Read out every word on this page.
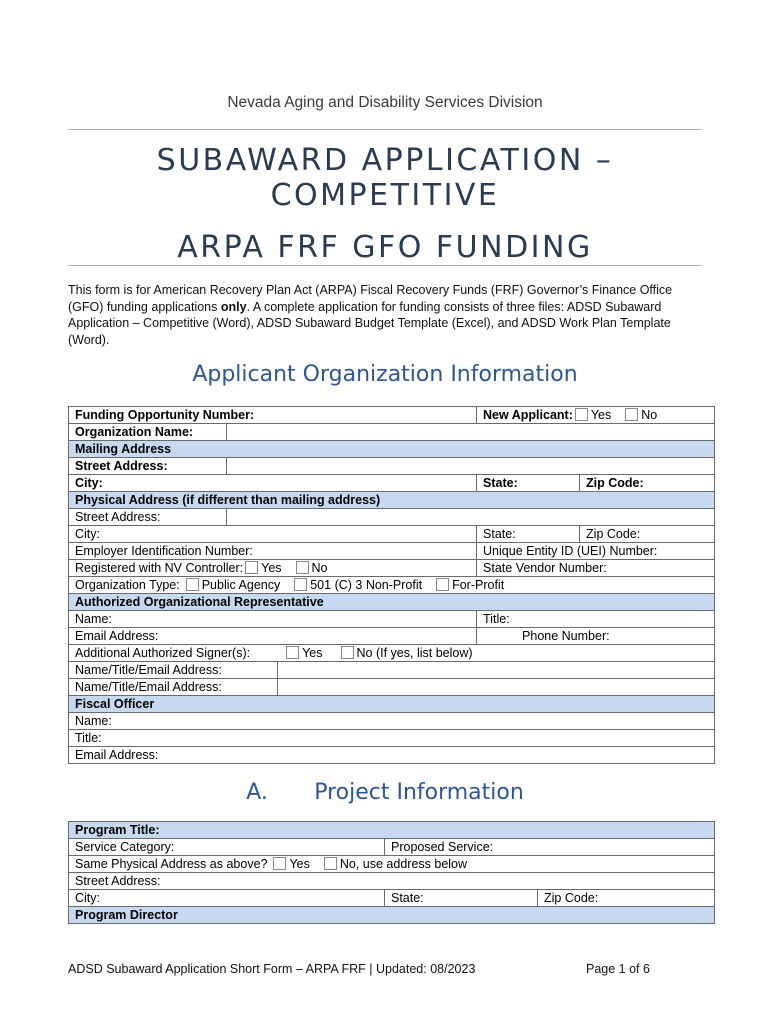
Nevada Aging and Disability Services Division
SUBAWARD APPLICATION –
COMPETITIVE
ARPA FRF GFO FUNDING
This form is for American Recovery Plan Act (ARPA) Fiscal Recovery Funds (FRF) Governor’s Finance Office (GFO) funding applications only. A complete application for funding consists of three files: ADSD Subaward Application – Competitive (Word), ADSD Subaward Budget Template (Excel), and ADSD Work Plan Template (Word).
Applicant Organization Information
Funding Opportunity Number:			New Applicant: Yes No	
Organization Name:				
Mailing Address				
Street Address:				
City:			State:	Zip Code:
Physical Address (if different than mailing address)				
Street Address:				
City:			State:	Zip Code:
Employer Identification Number:			Unique Entity ID (UEI) Number:	
Registered with NV Controller: Yes No			State Vendor Number:	
Organization Type: Public Agency 501 (C) 3 Non-Profit For-Profit				
Authorized Organizational Representative				
Name:			Title:	
Email Address:			Phone Number:	
Additional Authorized Signer(s): Yes No (If yes, list below)				
Name/Title/Email Address:				
Name/Title/Email Address:				
Fiscal Officer				
Name:				
Title:				
Email Address:				
A. Project Information
Program Title:		
Service Category:	Proposed Service:	
Same Physical Address as above? Yes No, use address below		
Street Address:		
City:	State:	Zip Code:
Program Director		
ADSD Subaward Application Short Form – ARPA FRF | Updated: 08/2023	Page 1 of 6
